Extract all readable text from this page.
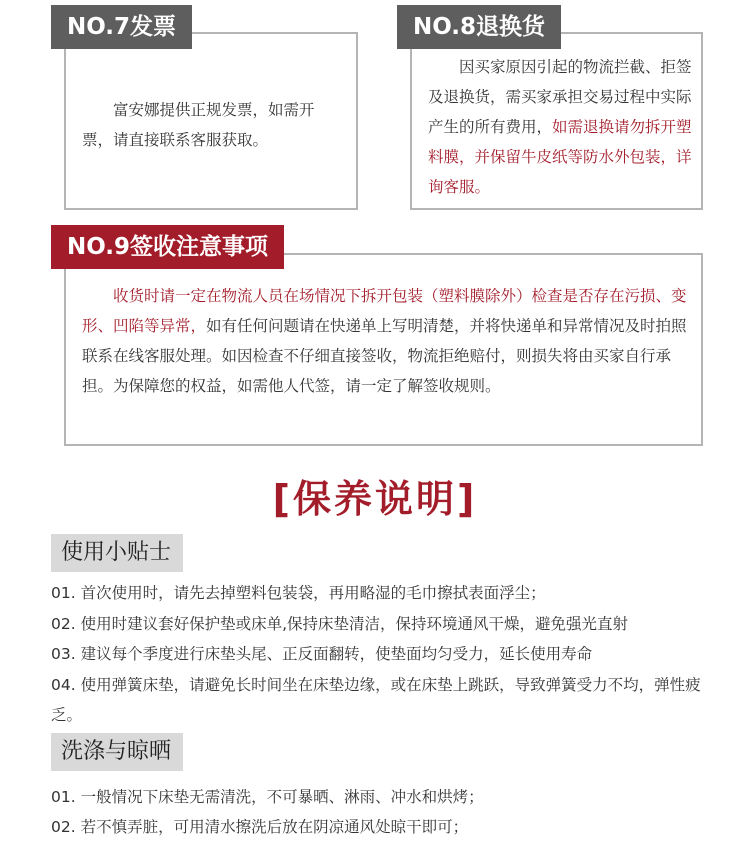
NO.7发票
富安娜提供正规发票，如需开票，请直接联系客服获取。
NO.8退换货
因买家原因引起的物流拦截、拒签及退换货，需买家承担交易过程中实际产生的所有费用，如需退换请勿拆开塑料膜，并保留牛皮纸等防水外包装，详询客服。
NO.9签收注意事项
收货时请一定在物流人员在场情况下拆开包装（塑料膜除外）检查是否存在污损、变形、凹陷等异常，如有任何问题请在快递单上写明清楚，并将快递单和异常情况及时拍照联系在线客服处理。如因检查不仔细直接签收，物流拒绝赔付，则损失将由买家自行承担。为保障您的权益，如需他人代签，请一定了解签收规则。
[保养说明]
使用小贴士
01. 首次使用时，请先去掉塑料包装袋，再用略湿的毛巾擦拭表面浮尘；
02. 使用时建议套好保护垫或床单,保持床垫清洁，保持环境通风干燥，避免强光直射
03. 建议每个季度进行床垫头尾、正反面翻转，使垫面均匀受力，延长使用寿命
04. 使用弹簧床垫，请避免长时间坐在床垫边缘，或在床垫上跳跃，导致弹簧受力不均，弹性疲乏。
洗涤与晾晒
01. 一般情况下床垫无需清洗，不可暴晒、淋雨、冲水和烘烤；
02. 若不慎弄脏，可用清水擦洗后放在阴凉通风处晾干即可；
